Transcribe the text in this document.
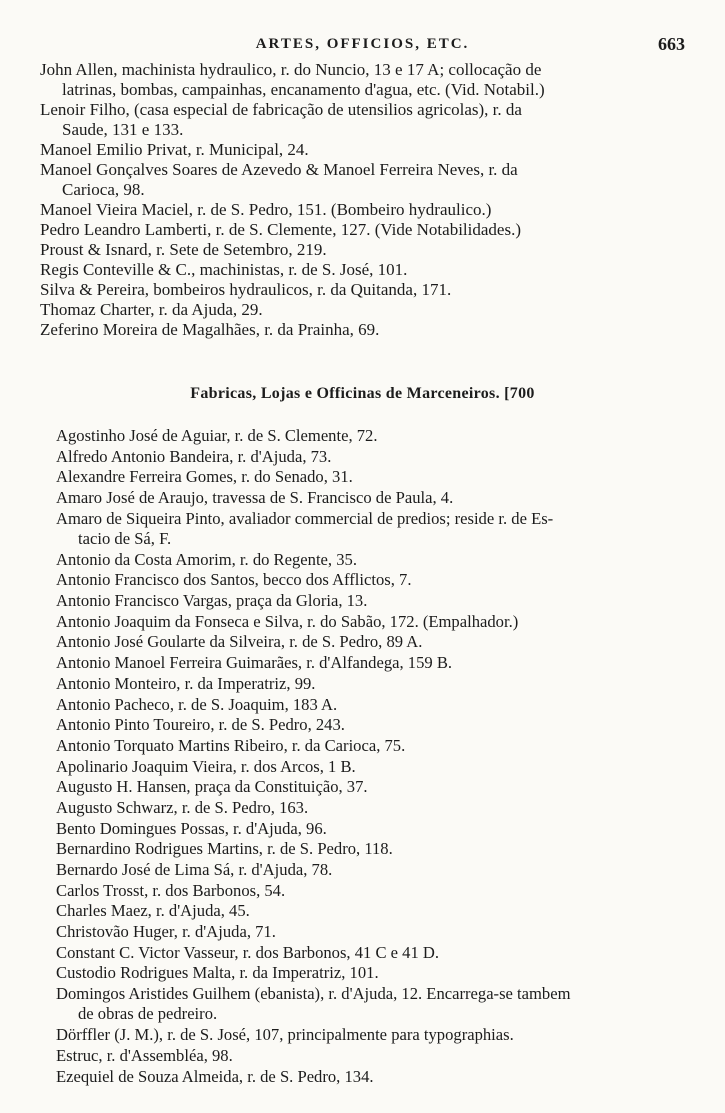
ARTES, OFFICIOS, ETC.	663
John Allen, machinista hydraulico, r. do Nuncio, 13 e 17 A; collocação de
latrinas, bombas, campainhas, encanamento d'agua, etc. (Vid. Notabil.)
Lenoir Filho, (casa especial de fabricação de utensilios agricolas), r. da
Saude, 131 e 133.
Manoel Emilio Privat, r. Municipal, 24.
Manoel Gonçalves Soares de Azevedo & Manoel Ferreira Neves, r. da
Carioca, 98.
Manoel Vieira Maciel, r. de S. Pedro, 151. (Bombeiro hydraulico.)
Pedro Leandro Lamberti, r. de S. Clemente, 127. (Vide Notabilidades.)
Proust & Isnard, r. Sete de Setembro, 219.
Regis Conteville & C., machinistas, r. de S. José, 101.
Silva & Pereira, bombeiros hydraulicos, r. da Quitanda, 171.
Thomaz Charter, r. da Ajuda, 29.
Zeferino Moreira de Magalhães, r. da Prainha, 69.
Fabricas, Lojas e Officinas de Marceneiros. [700
Agostinho José de Aguiar, r. de S. Clemente, 72.
Alfredo Antonio Bandeira, r. d'Ajuda, 73.
Alexandre Ferreira Gomes, r. do Senado, 31.
Amaro José de Araujo, travessa de S. Francisco de Paula, 4.
Amaro de Siqueira Pinto, avaliador commercial de predios; reside r. de Es-
tacio de Sá, F.
Antonio da Costa Amorim, r. do Regente, 35.
Antonio Francisco dos Santos, becco dos Afflictos, 7.
Antonio Francisco Vargas, praça da Gloria, 13.
Antonio Joaquim da Fonseca e Silva, r. do Sabão, 172. (Empalhador.)
Antonio José Goularte da Silveira, r. de S. Pedro, 89 A.
Antonio Manoel Ferreira Guimarães, r. d'Alfandega, 159 B.
Antonio Monteiro, r. da Imperatriz, 99.
Antonio Pacheco, r. de S. Joaquim, 183 A.
Antonio Pinto Toureiro, r. de S. Pedro, 243.
Antonio Torquato Martins Ribeiro, r. da Carioca, 75.
Apolinario Joaquim Vieira, r. dos Arcos, 1 B.
Augusto H. Hansen, praça da Constituição, 37.
Augusto Schwarz, r. de S. Pedro, 163.
Bento Domingues Possas, r. d'Ajuda, 96.
Bernardino Rodrigues Martins, r. de S. Pedro, 118.
Bernardo José de Lima Sá, r. d'Ajuda, 78.
Carlos Trosst, r. dos Barbonos, 54.
Charles Maez, r. d'Ajuda, 45.
Christovão Huger, r. d'Ajuda, 71.
Constant C. Victor Vasseur, r. dos Barbonos, 41 C e 41 D.
Custodio Rodrigues Malta, r. da Imperatriz, 101.
Domingos Aristides Guilhem (ebanista), r. d'Ajuda, 12. Encarrega-se tambem
de obras de pedreiro.
Dörffler (J. M.), r. de S. José, 107, principalmente para typographias.
Estruc, r. d'Assembléa, 98.
Ezequiel de Souza Almeida, r. de S. Pedro, 134.
